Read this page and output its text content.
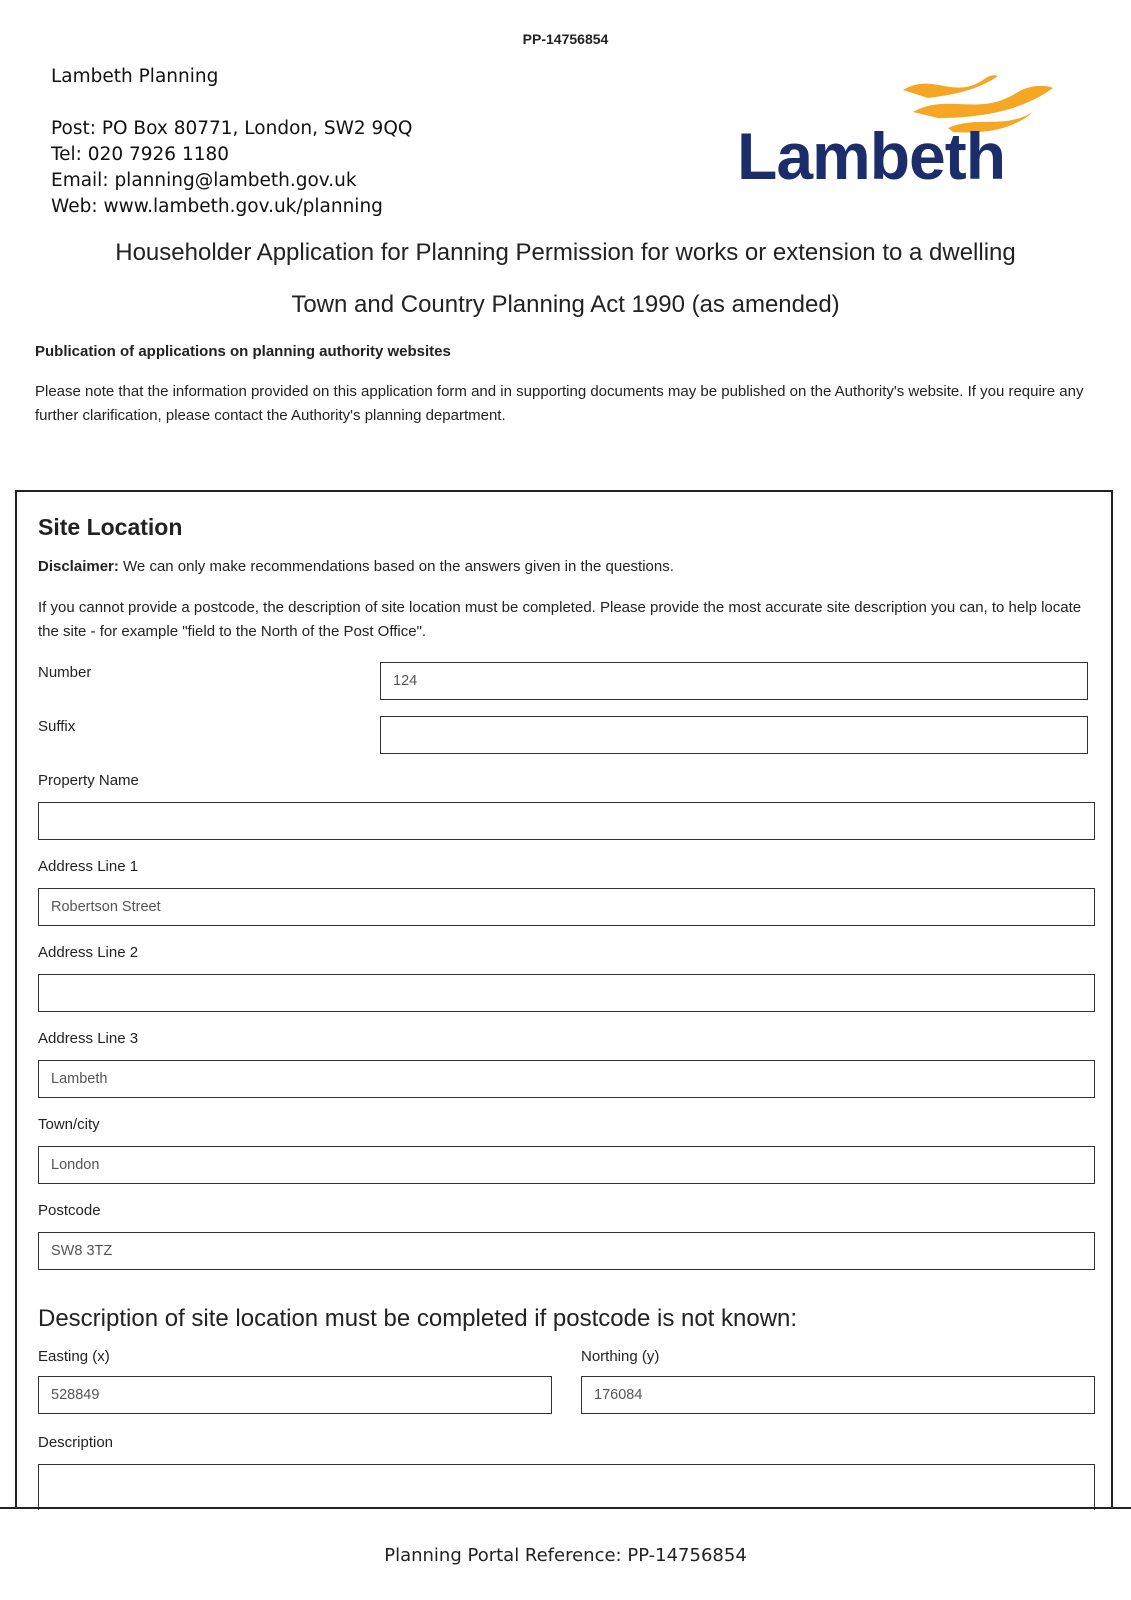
PP-14756854
Lambeth Planning
Post: PO Box 80771, London, SW2 9QQ
Tel: 020 7926 1180
Email: planning@lambeth.gov.uk
Web: www.lambeth.gov.uk/planning
Lambeth
Householder Application for Planning Permission for works or extension to a dwelling
Town and Country Planning Act 1990 (as amended)
Publication of applications on planning authority websites
Please note that the information provided on this application form and in supporting documents may be published on the Authority's website. If you require any further clarification, please contact the Authority's planning department.
Site Location
Disclaimer: We can only make recommendations based on the answers given in the questions.
If you cannot provide a postcode, the description of site location must be completed. Please provide the most accurate site description you can, to help locate the site - for example "field to the North of the Post Office".
Number	124
Suffix
Property Name
Address Line 1
Robertson Street
Address Line 2
Address Line 3
Lambeth
Town/city
London
Postcode
SW8 3TZ
Description of site location must be completed if postcode is not known:
Easting (x)
528849
Northing (y)
176084
Description
Planning Portal Reference: PP-14756854
